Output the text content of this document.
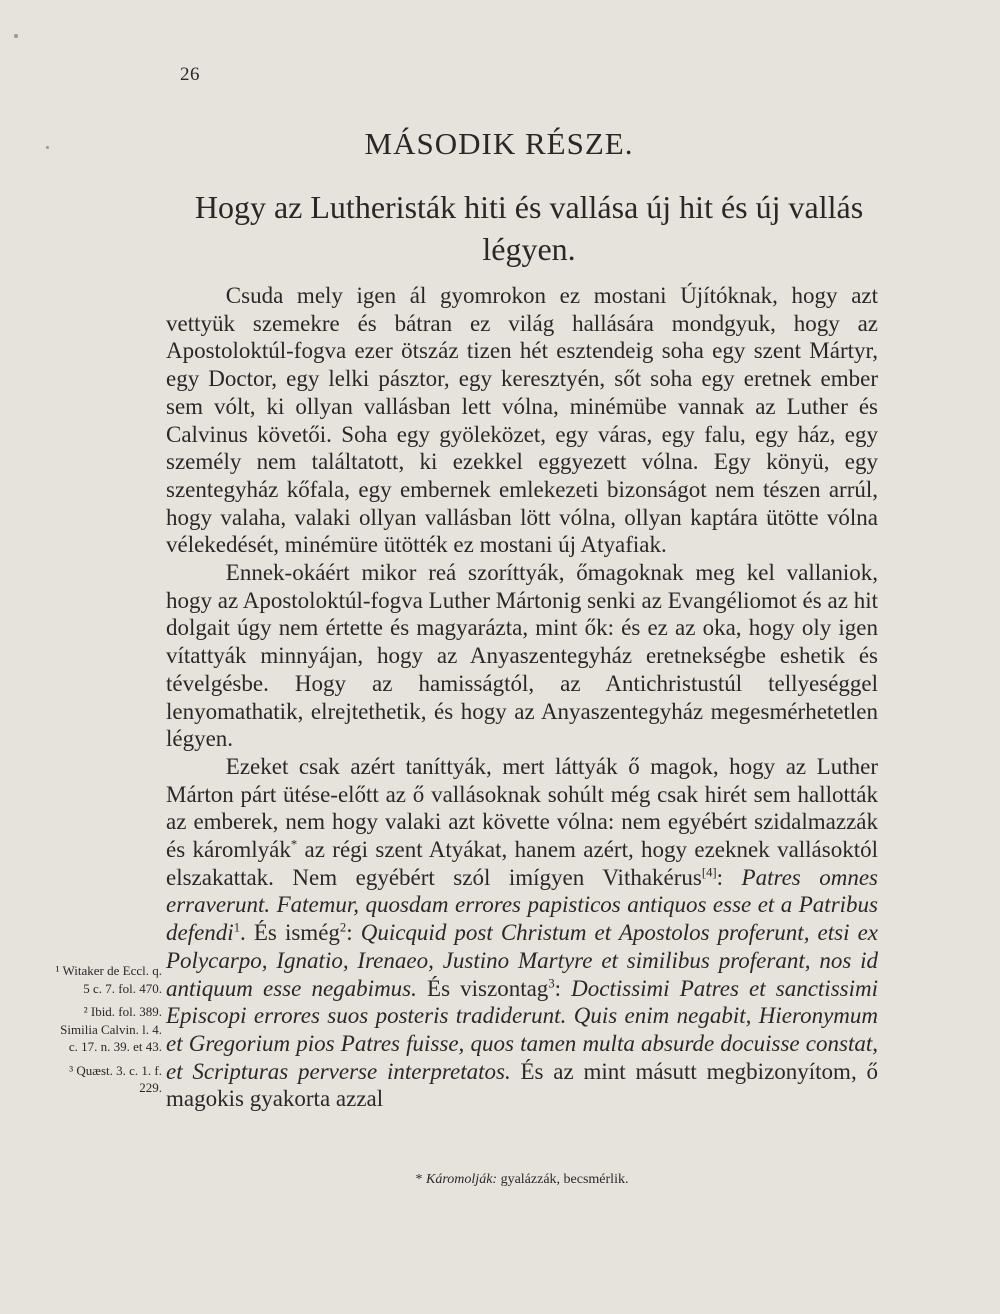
26
MÁSODIK RÉSZE.
Hogy az Lutheristák hiti és vallása új hit és új vallás légyen.

Csuda mely igen ál gyomrokon ez mostani Újítóknak, hogy azt vettyük szemekre és bátran ez világ hallására mondgyuk, hogy az Apostoloktúl-fogva ezer ötszáz tizen hét esztendeig soha egy szent Mártyr, egy Doctor, egy lelki pásztor, egy keresztyén, sőt soha egy eretnek ember sem vólt, ki ollyan vallásban lett vólna, minémübe vannak az Luther és Calvinus követői. Soha egy gyöleközet, egy váras, egy falu, egy ház, egy személy nem találtatott, ki ezekkel eggyezett vólna. Egy könyü, egy szentegyház kőfala, egy embernek emlekezeti bizonságot nem tészen arrúl, hogy valaha, valaki ollyan vallásban lött vólna, ollyan kaptára ütötte vólna vélekedését, minémüre ütötték ez mostani új Atyafiak.

Ennek-okáért mikor reá szoríttyák, őmagoknak meg kel vallaniok, hogy az Apostoloktúl-fogva Luther Mártonig senki az Evangéliomot és az hit dolgait úgy nem értette és magyarázta, mint ők: és ez az oka, hogy oly igen vítattyák minnyájan, hogy az Anyaszentegyház eretnekségbe eshetik és tévelgésbe. Hogy az hamisságtól, az Antichristustúl tellyeséggel lenyomathatik, elrejtethetik, és hogy az Anyaszentegyház megesmérhetetlen légyen.

Ezeket csak azért taníttyák, mert láttyák ő magok, hogy az Luther Márton párt ütése-előtt az ő vallásoknak sohúlt még csak hirét sem hallották az emberek, nem hogy valaki azt követte vólna: nem egyébért szidalmazzák és káromlyák* az régi szent Atyákat, hanem azért, hogy ezeknek vallásoktól elszakattak. Nem egyébért szól imígyen Vithakérus[4]: Patres omnes erraverunt. Fatemur, quosdam errores papisticos antiquos esse et a Patribus defendi$^1$. És ismég$^2$: Quicquid post Christum et Apostolos proferunt, etsi ex Polycarpo, Ignatio, Irenaeo, Justino Martyre et similibus proferant, nos id antiquum esse negabimus. És viszontag$^3$: Doctissimi Patres et sanctissimi Episcopi errores suos posteris tradiderunt. Quis enim negabit, Hieronymum et Gregorium pios Patres fuisse, quos tamen multa absurde docuisse constat, et Scripturas perverse interpretatos. És az mint másutt megbizonyítom, ő magokis gyakorta azzal

¹ Witaker de Eccl. q. 5 c. 7. fol. 470.
² Ibid. fol. 389. Similia Calvin. l. 4. c. 17. n. 39. et 43.
³ Quæst. 3. c. 1. f. 229.
* Káromolják: gyalázzák, becsmérlik.
